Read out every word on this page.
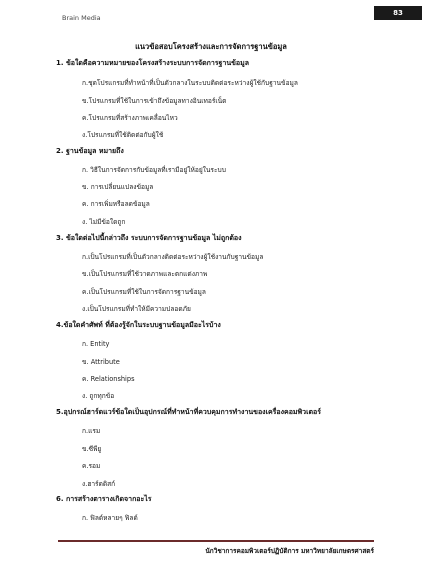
Brain Media
83
แนวข้อสอบโครงสร้างและการจัดการฐานข้อมูล
1. ข้อใดคือความหมายของโครงสร้างระบบการจัดการฐานข้อมูล
ก.ชุดโปรแกรมที่ทำหน้าที่เป็นตัวกลางในระบบติดต่อระหว่างผู้ใช้กับฐานข้อมูล
ข.โปรแกรมที่ใช้ในการเข้าถึงข้อมูลทางอินเทอร์เน็ต
ค.โปรแกรมที่สร้างภาพเคลื่อนไหว
ง.โปรแกรมที่ใช้ติดต่อกับผู้ใช้
2. ฐานข้อมูล หมายถึง
ก. วิธีในการจัดการกับข้อมูลที่เรามีอยู่ให้อยู่ในระบบ
ข. การเปลี่ยนแปลงข้อมูล
ค. การเพิ่มหรือลดข้อมูล
ง. ไม่มีข้อใดถูก
3. ข้อใดต่อไปนี้กล่าวถึง ระบบการจัดการฐานข้อมูล ไม่ถูกต้อง
ก.เป็นโปรแกรมที่เป็นตัวกลางติดต่อระหว่างผู้ใช้งานกับฐานข้อมูล
ข.เป็นโปรแกรมที่ใช้วาดภาพและตกแต่งภาพ
ค.เป็นโปรแกรมที่ใช้ในการจัดการฐานข้อมูล
ง.เป็นโปรแกรมที่ทำให้มีความปลอดภัย
4.ข้อใดคำศัพท์ ที่ต้องรู้จักในระบบฐานข้อมูลมีอะไรบ้าง
ก. Entity
ข. Attribute
ค. Relationships
ง. ถูกทุกข้อ
5.อุปกรณ์ฮาร์ดแวร์ข้อใดเป็นอุปกรณ์ที่ทำหน้าที่ควบคุมการทำงานของเครื่องคอมพิวเตอร์
ก.แรม
ข.ซีพียู
ค.รอม
ง.ฮาร์ดดิสก์
6. การสร้างตารางเกิดจากอะไร
ก. ฟิลด์หลายๆ ฟิลด์
นักวิชาการคอมพิวเตอร์ปฏิบัติการ มหาวิทยาลัยเกษตรศาสตร์
